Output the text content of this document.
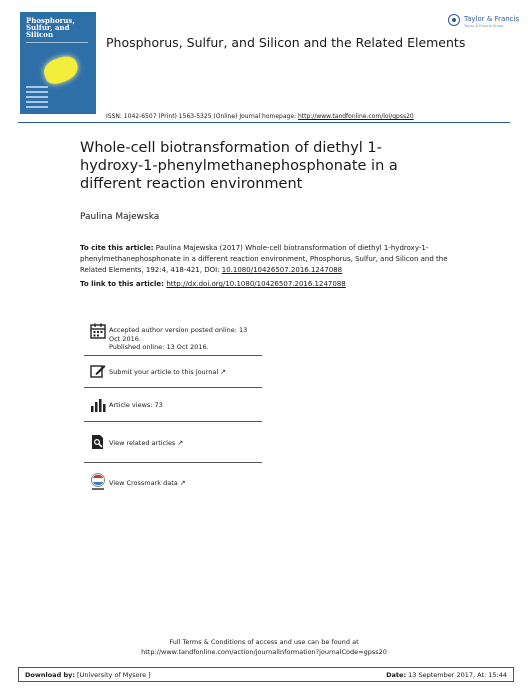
Phosphorus,
Sulfur, and
Silicon
Phosphorus, Sulfur, and Silicon and the Related Elements
Taylor & Francis
Taylor & Francis Group
ISSN: 1042-6507 (Print) 1563-5325 (Online) Journal homepage: http://www.tandfonline.com/loi/gpss20
Whole-cell biotransformation of diethyl 1-hydroxy-1-phenylmethanephosphonate in a different reaction environment
Paulina Majewska
To cite this article: Paulina Majewska (2017) Whole-cell biotransformation of diethyl 1-hydroxy-1-phenylmethanephosphonate in a different reaction environment, Phosphorus, Sulfur, and Silicon and the Related Elements, 192:4, 418-421, DOI: 10.1080/10426507.2016.1247088
To link to this article: http://dx.doi.org/10.1080/10426507.2016.1247088
Accepted author version posted online: 13 Oct 2016.
Published online: 13 Oct 2016.
Submit your article to this journal ↗
Article views: 73
View related articles ↗
View Crossmark data ↗
Full Terms & Conditions of access and use can be found at
http://www.tandfonline.com/action/journalInformation?journalCode=gpss20
Download by: [University of Mysore ]	Date: 13 September 2017, At: 15:44
